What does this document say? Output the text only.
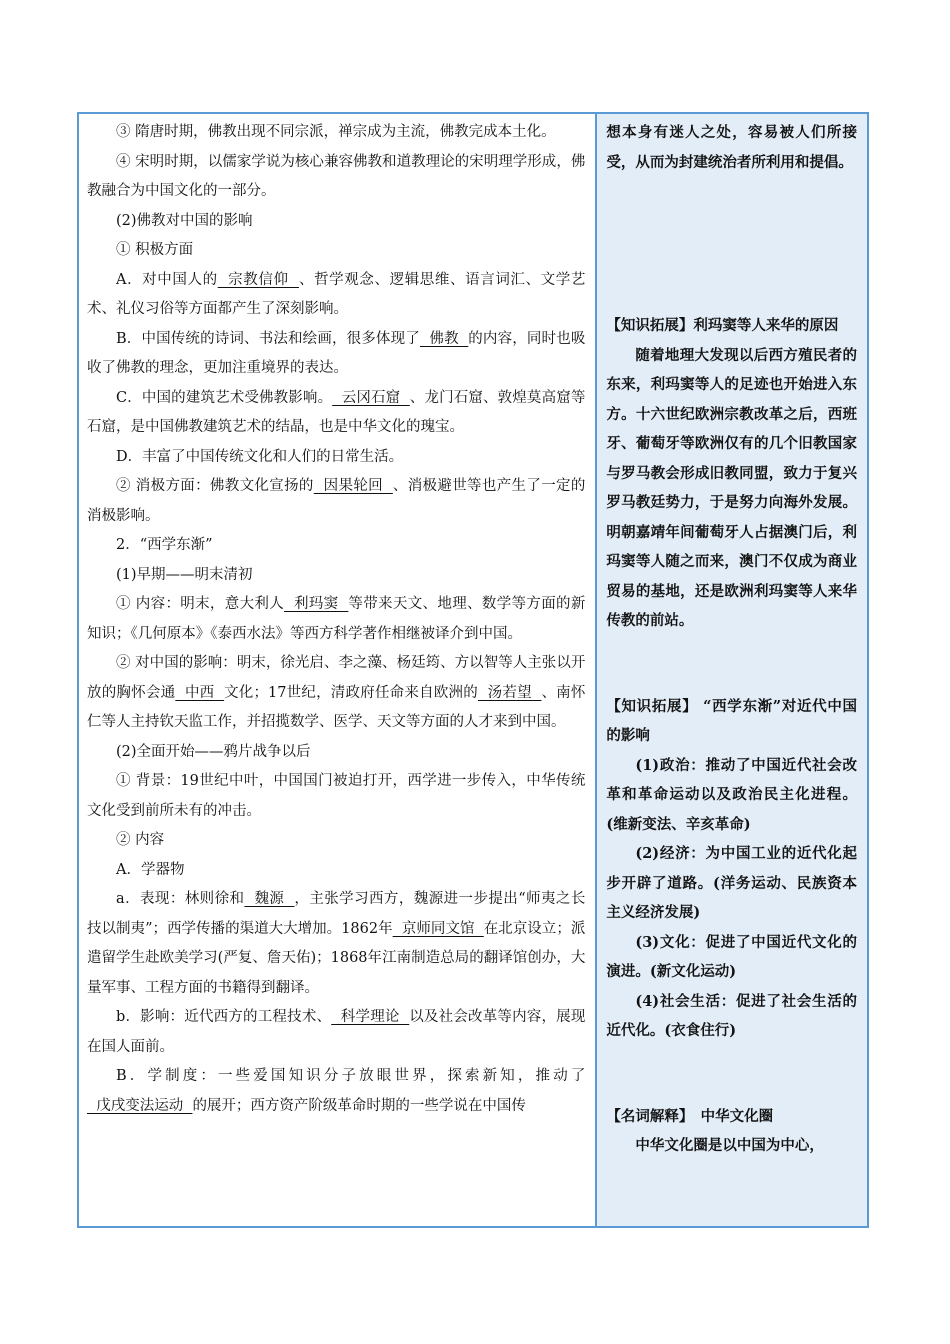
③ 隋唐时期，佛教出现不同宗派，禅宗成为主流，佛教完成本土化。

④ 宋明时期，以儒家学说为核心兼容佛教和道教理论的宋明理学形成，佛教融合为中国文化的一部分。

(2)佛教对中国的影响

① 积极方面

A．对中国人的  宗教信仰  、哲学观念、逻辑思维、语言词汇、文学艺术、礼仪习俗等方面都产生了深刻影响。

B．中国传统的诗词、书法和绘画，很多体现了  佛教  的内容，同时也吸收了佛教的理念，更加注重境界的表达。

C．中国的建筑艺术受佛教影响。  云冈石窟  、龙门石窟、敦煌莫高窟等石窟，是中国佛教建筑艺术的结晶，也是中华文化的瑰宝。

D．丰富了中国传统文化和人们的日常生活。

② 消极方面：佛教文化宣扬的  因果轮回  、消极避世等也产生了一定的消极影响。

2．“西学东渐”

(1)早期——明末清初

① 内容：明末，意大利人  利玛窦  等带来天文、地理、数学等方面的新知识；《几何原本》《泰西水法》等西方科学著作相继被译介到中国。

② 对中国的影响：明末，徐光启、李之藻、杨廷筠、方以智等人主张以开放的胸怀会通  中西  文化；17世纪，清政府任命来自欧洲的  汤若望  、南怀仁等人主持钦天监工作，并招揽数学、医学、天文等方面的人才来到中国。

(2)全面开始——鸦片战争以后

① 背景：19世纪中叶，中国国门被迫打开，西学进一步传入，中华传统文化受到前所未有的冲击。

② 内容

A．学器物

a．表现：林则徐和  魏源  ，主张学习西方，魏源进一步提出“师夷之长技以制夷”；西学传播的渠道大大增加。1862年  京师同文馆  在北京设立；派遣留学生赴欧美学习(严复、詹天佑)；1868年江南制造总局的翻译馆创办，大量军事、工程方面的书籍得到翻译。

b．影响：近代西方的工程技术、  科学理论  以及社会改革等内容，展现在国人面前。

B．学制度：一些爱国知识分子放眼世界，探索新知，推动了  戊戌变法运动  的展开；西方资产阶级革命时期的一些学说在中国传

想本身有迷人之处，容易被人们所接受，从而为封建统治者所利用和提倡。

【知识拓展】利玛窦等人来华的原因

随着地理大发现以后西方殖民者的东来，利玛窦等人的足迹也开始进入东方。十六世纪欧洲宗教改革之后，西班牙、葡萄牙等欧洲仅有的几个旧教国家与罗马教会形成旧教同盟，致力于复兴罗马教廷势力，于是努力向海外发展。明朝嘉靖年间葡萄牙人占据澳门后，利玛窦等人随之而来，澳门不仅成为商业贸易的基地，还是欧洲利玛窦等人来华传教的前站。

【知识拓展】 “西学东渐”对近代中国的影响

(1)政治：推动了中国近代社会改革和革命运动以及政治民主化进程。(维新变法、辛亥革命)

(2)经济：为中国工业的近代化起步开辟了道路。(洋务运动、民族资本主义经济发展)

(3)文化：促进了中国近代文化的演进。(新文化运动)

(4)社会生活：促进了社会生活的近代化。(衣食住行)

【名词解释】　中华文化圈

中华文化圈是以中国为中心，
